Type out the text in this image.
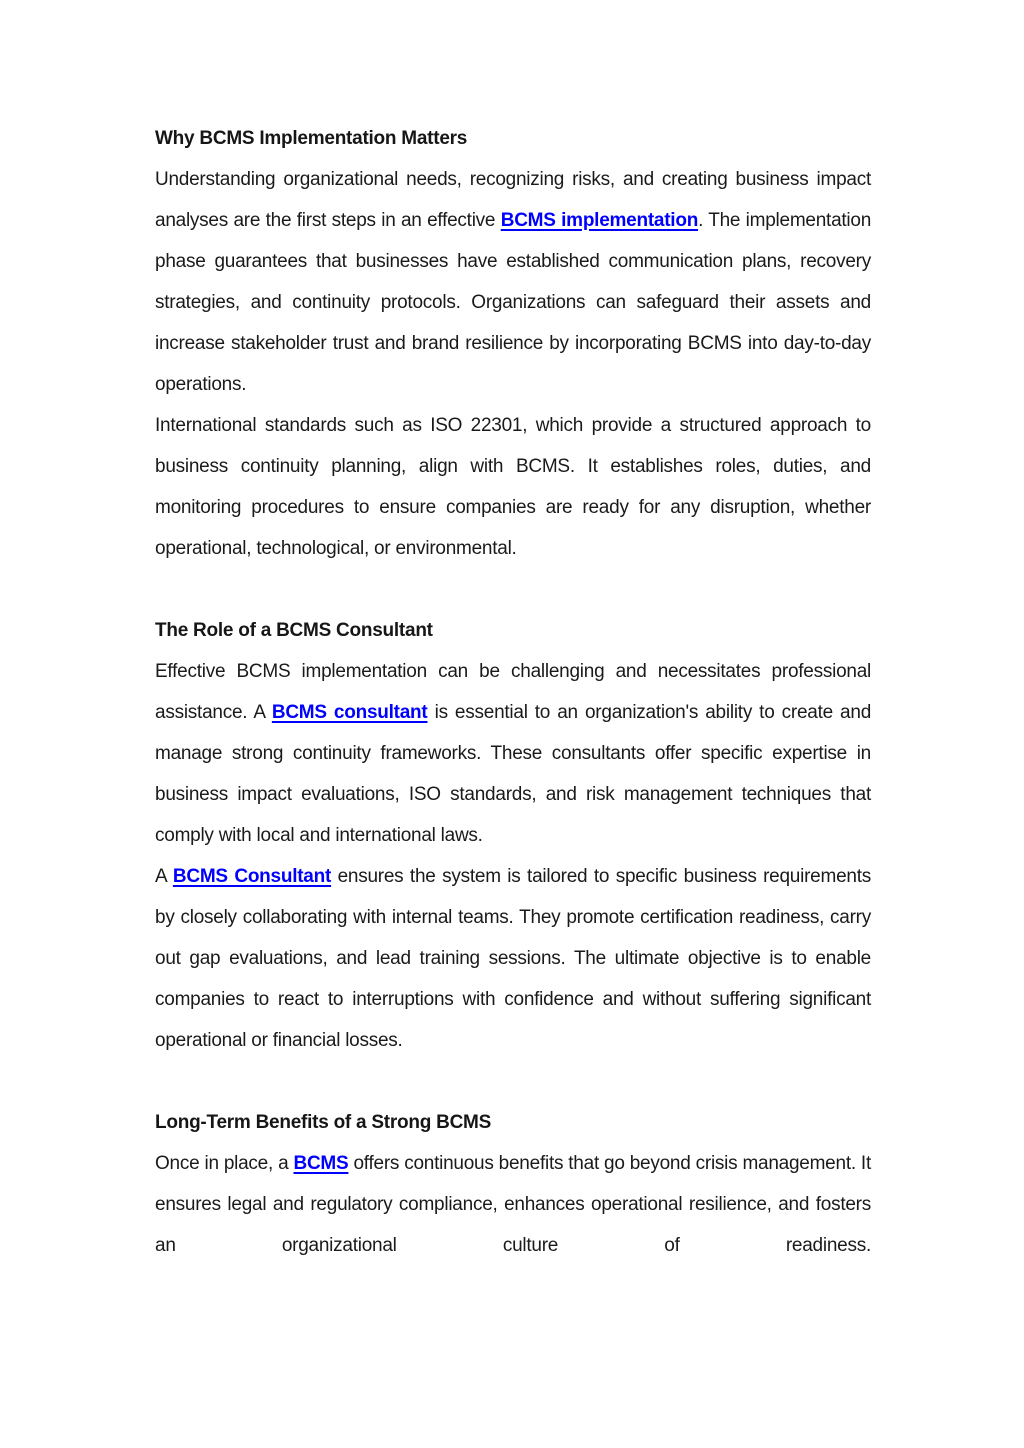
Why BCMS Implementation Matters

Understanding organizational needs, recognizing risks, and creating business impact analyses are the first steps in an effective BCMS implementation. The implementation phase guarantees that businesses have established communication plans, recovery strategies, and continuity protocols. Organizations can safeguard their assets and increase stakeholder trust and brand resilience by incorporating BCMS into day-to-day operations.

International standards such as ISO 22301, which provide a structured approach to business continuity planning, align with BCMS. It establishes roles, duties, and monitoring procedures to ensure companies are ready for any disruption, whether operational, technological, or environmental.

The Role of a BCMS Consultant

Effective BCMS implementation can be challenging and necessitates professional assistance. A BCMS consultant is essential to an organization's ability to create and manage strong continuity frameworks. These consultants offer specific expertise in business impact evaluations, ISO standards, and risk management techniques that comply with local and international laws.

A BCMS Consultant ensures the system is tailored to specific business requirements by closely collaborating with internal teams. They promote certification readiness, carry out gap evaluations, and lead training sessions. The ultimate objective is to enable companies to react to interruptions with confidence and without suffering significant operational or financial losses.

Long-Term Benefits of a Strong BCMS

Once in place, a BCMS offers continuous benefits that go beyond crisis management. It ensures legal and regulatory compliance, enhances operational resilience, and fosters an organizational culture of readiness.
